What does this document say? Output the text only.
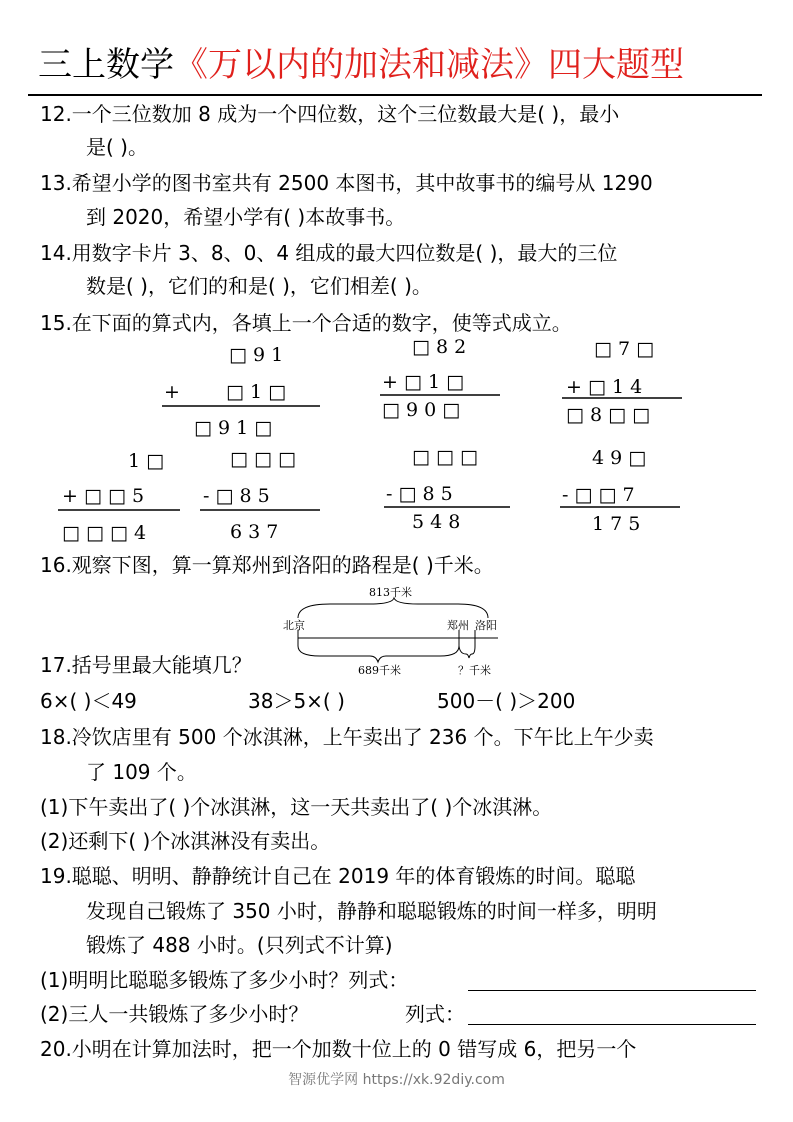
三上数学《万以内的加法和减法》四大题型
12.一个三位数加 8 成为一个四位数，这个三位数最大是( )，最小
是( )。
13.希望小学的图书室共有 2500 本图书，其中故事书的编号从 1290
到 2020，希望小学有( )本故事书。
14.用数字卡片 3、8、0、4 组成的最大四位数是( )，最大的三位
数是( )，它们的和是( )，它们相差( )。
15.在下面的算式内，各填上一个合适的数字，使等式成立。
□ 9 1
+ □ 1 □
□ 9 1 □
□ 8 2
+ □ 1 □
□ 9 0 □
□ 7 □
+ □ 1 4
□ 8 □ □
1 □
+ □ □ 5
□ □ □ 4
□ □ □
- □ 8 5
6 3 7
□ □ □
- □ 8 5
5 4 8
4 9 □
- □ □ 7
1 7 5
16.观察下图，算一算郑州到洛阳的路程是( )千米。
813千米
北京	郑州 洛阳
689千米	？千米
17.括号里最大能填几？
6×( )＜49	38＞5×( )	500－( )＞200
18.冷饮店里有 500 个冰淇淋，上午卖出了 236 个。下午比上午少卖
了 109 个。
(1)下午卖出了( )个冰淇淋，这一天共卖出了( )个冰淇淋。
(2)还剩下( )个冰淇淋没有卖出。
19.聪聪、明明、静静统计自己在 2019 年的体育锻炼的时间。聪聪
发现自己锻炼了 350 小时，静静和聪聪锻炼的时间一样多，明明
锻炼了 488 小时。(只列式不计算)
(1)明明比聪聪多锻炼了多少小时？列式：
(2)三人一共锻炼了多少小时？	列式：
20.小明在计算加法时，把一个加数十位上的 0 错写成 6，把另一个
智源优学网 https://xk.92diy.com
